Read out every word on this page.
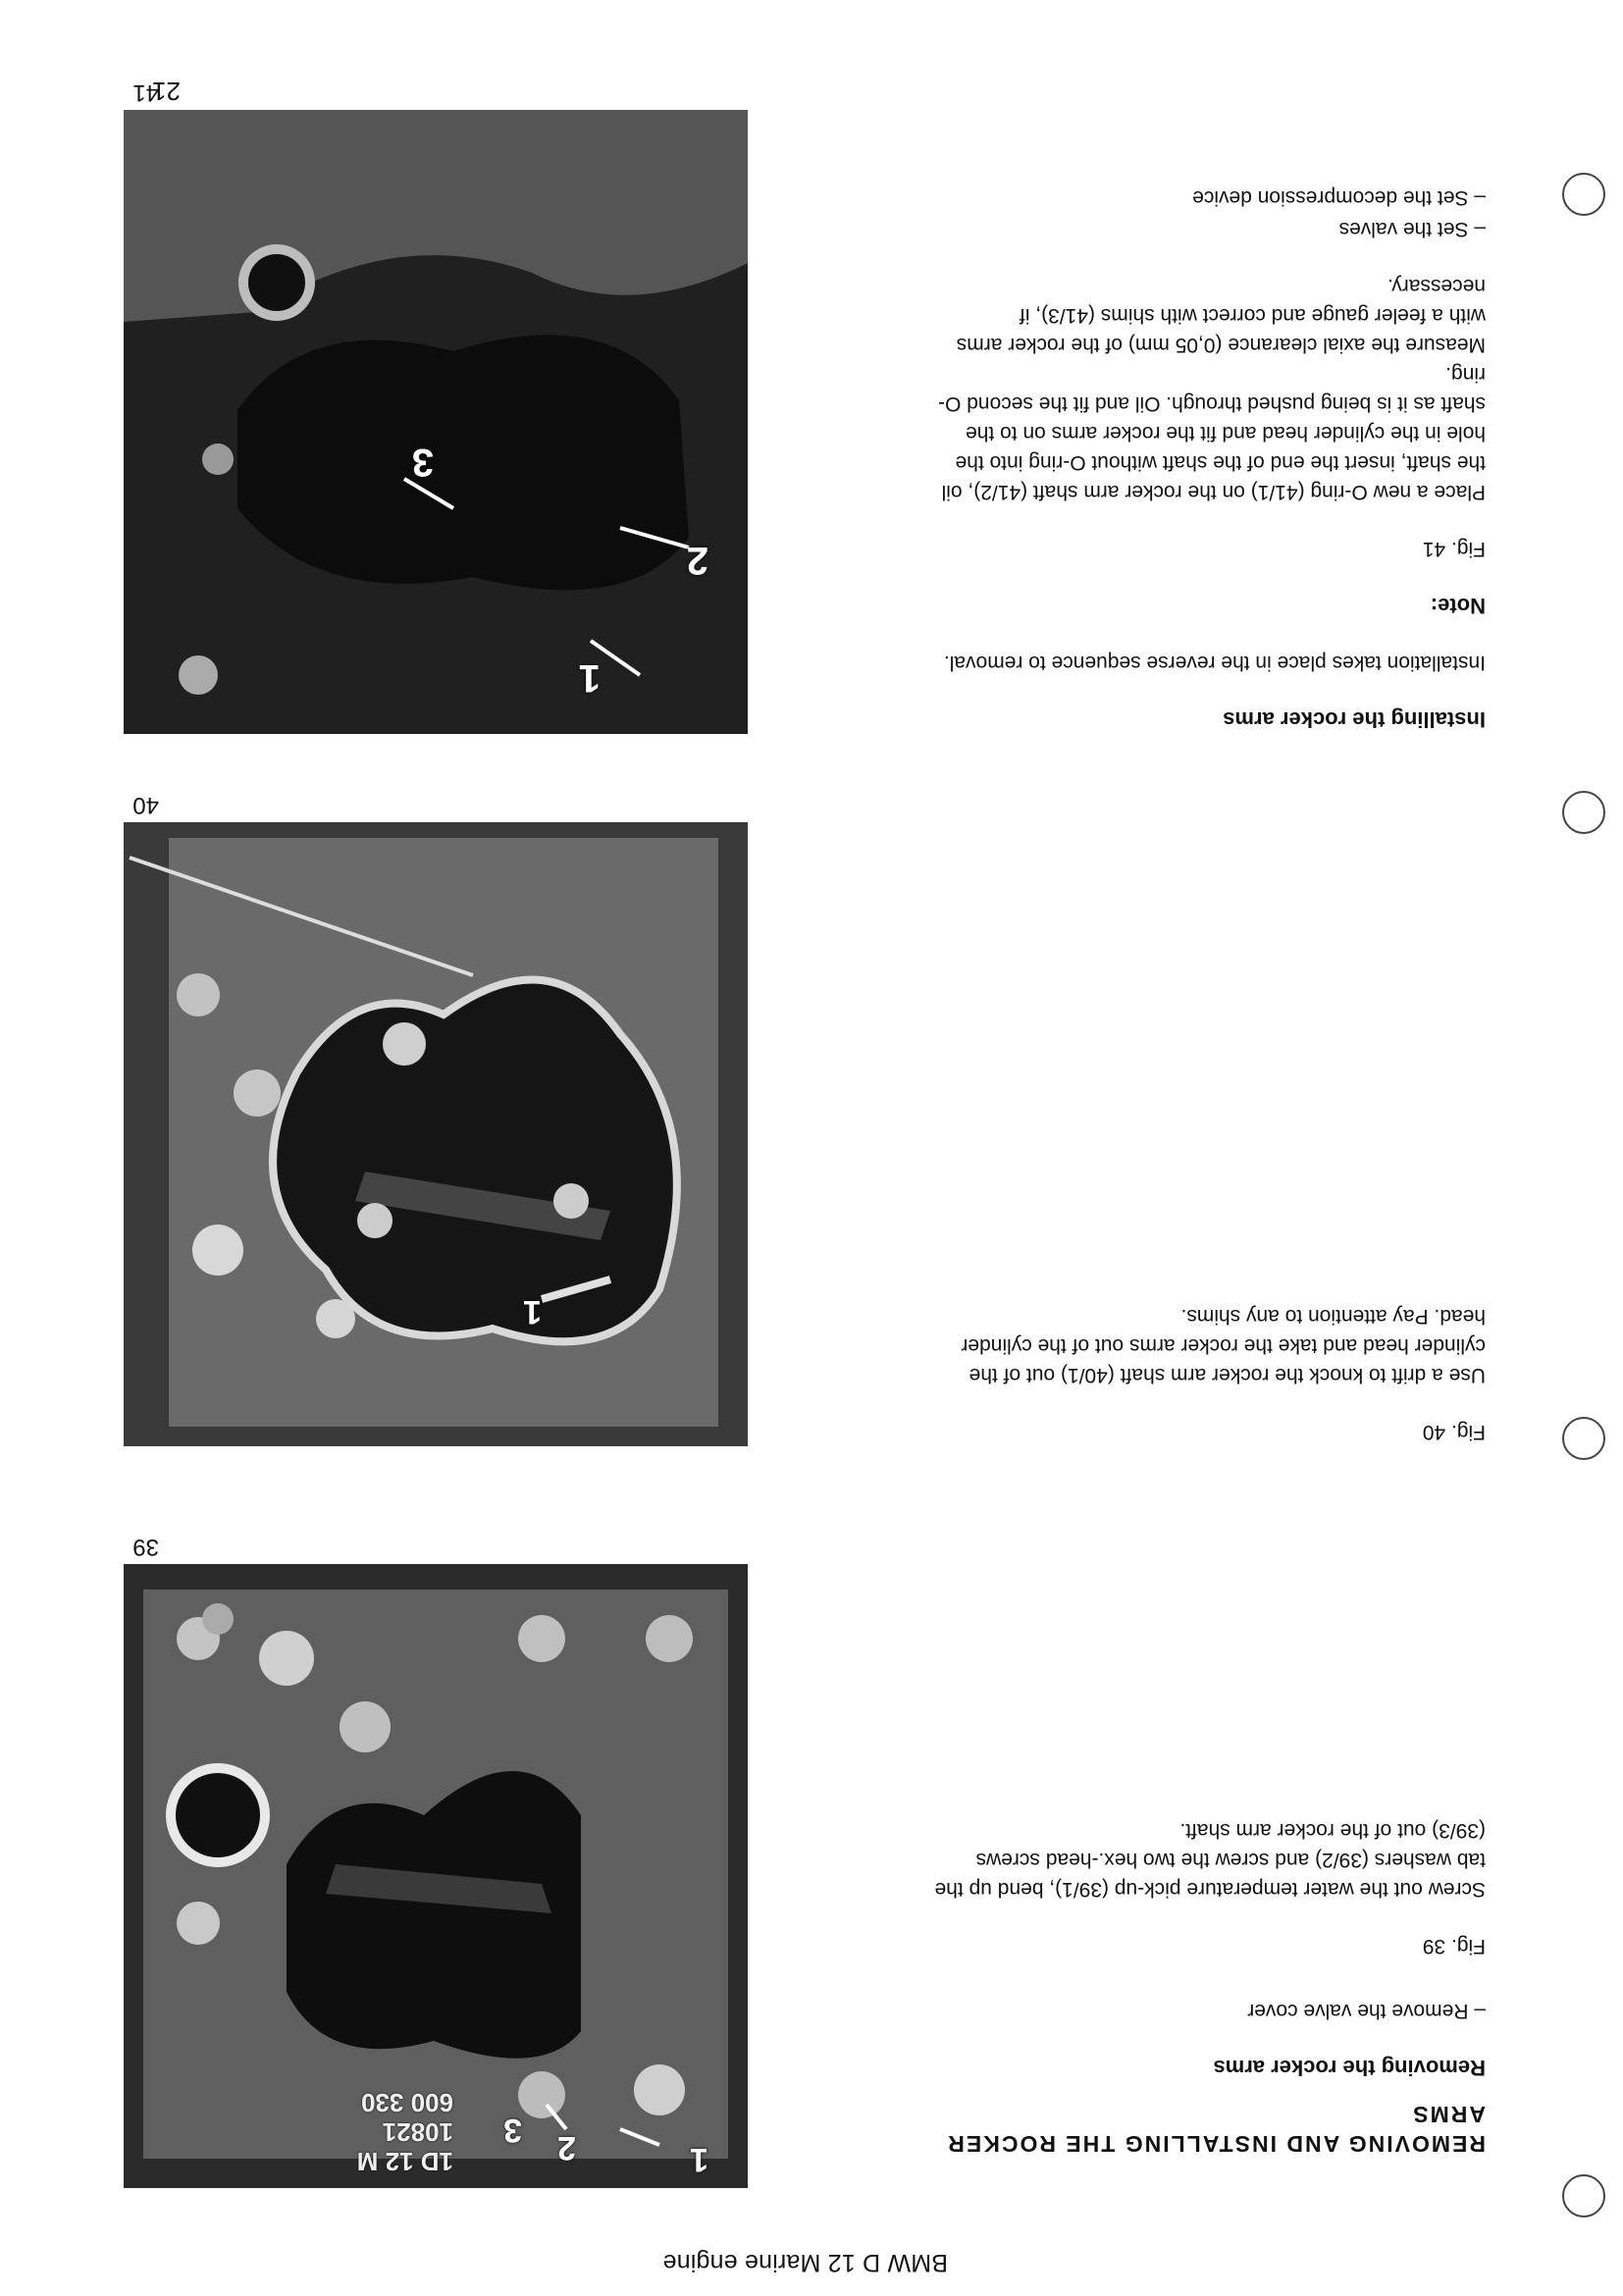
BMW D 12 Marine engine

REMOVING AND INSTALLING THE ROCKER ARMS

Removing the rocker arms

– Remove the valve cover

Fig. 39

Screw out the water temperature pick-up (39/1), bend up the tab washers (39/2) and screw the two hex.-head screws (39/3) out of the rocker arm shaft.

Fig. 40

Use a drift to knock the rocker arm shaft (40/1) out of the cylinder head and take the rocker arms out of the cylinder head. Pay attention to any shims.

Installing the rocker arms

Installation takes place in the reverse sequence to removal.

Note:

Fig. 41

Place a new O-ring (41/1) on the rocker arm shaft (41/2), oil the shaft, insert the end of the shaft without O-ring into the hole in the cylinder head and fit the rocker arms on to the shaft as it is being pushed through. Oil and fit the second O-ring.

Measure the axial clearance (0,05 mm) of the rocker arms with a feeler gauge and correct with shims (41/3), if necessary.

– Set the valves

– Set the decompression device

1
2
3
1D 12 M
10821
600 330
39
1
40
1
2
3
41
21
